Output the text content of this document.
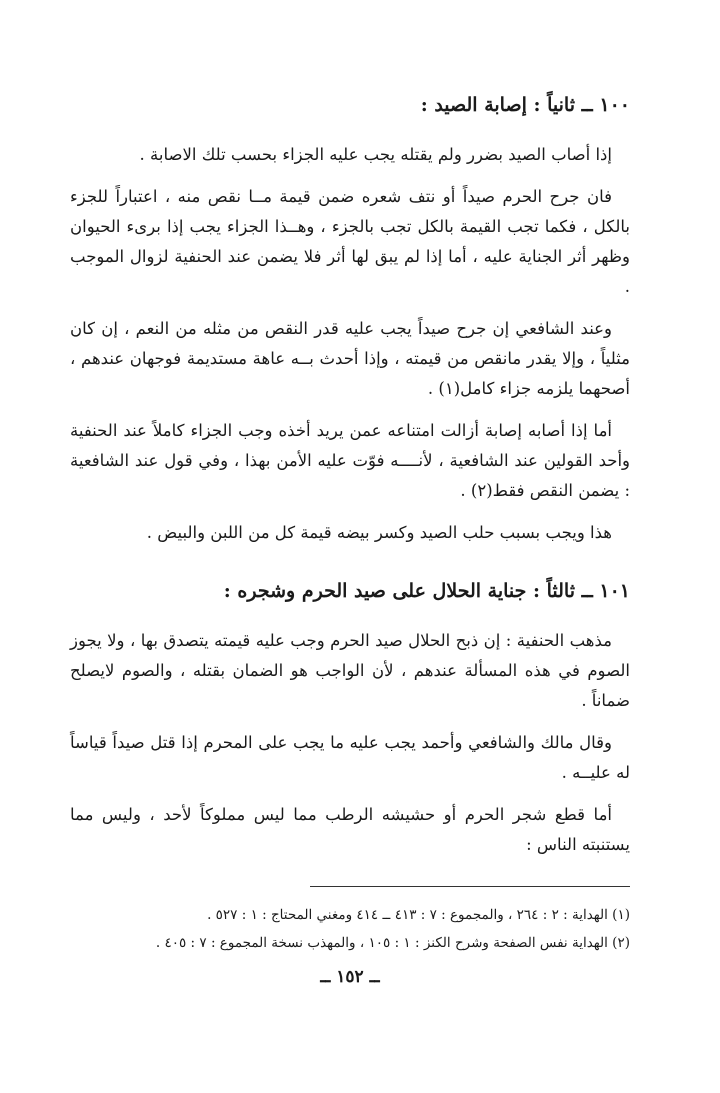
١٠٠ ــ ثانياً : إصابة الصيد :

إذا أصاب الصيد بضرر ولم يقتله يجب عليه الجزاء بحسب تلك الاصابة .

فان جرح الحرم صيداً أو نتف شعره ضمن قيمة مــا نقص منه ، اعتباراً للجزء بالكل ، فكما تجب القيمة بالكل تجب بالجزء ، وهــذا الجزاء يجب إذا برىء الحيوان وظهر أثر الجناية عليه ، أما إذا لم يبق لها أثر فلا يضمن عند الحنفية لزوال الموجب .

وعند الشافعي إن جرح صيداً يجب عليه قدر النقص من مثله من النعم ، إن كان مثلياً ، وإلا يقدر مانقص من قيمته ، وإذا أحدث بــه عاهة مستديمة فوجهان عندهم ، أصحهما يلزمه جزاء كامل(١) .

أما إذا أصابه إصابة أزالت امتناعه عمن يريد أخذه وجب الجزاء كاملاً عند الحنفية وأحد القولين عند الشافعية ، لأنــــه فوّت عليه الأمن بهذا ، وفي قول عند الشافعية : يضمن النقص فقط(٢) .

هذا ويجب بسبب حلب الصيد وكسر بيضه قيمة كل من اللبن والبيض .

١٠١ ــ ثالثاً : جناية الحلال على صيد الحرم وشجره :

مذهب الحنفية : إن ذبح الحلال صيد الحرم وجب عليه قيمته يتصدق بها ، ولا يجوز الصوم في هذه المسألة عندهم ، لأن الواجب هو الضمان بقتله ، والصوم لايصلح ضماناً .

وقال مالك والشافعي وأحمد يجب عليه ما يجب على المحرم إذا قتل صيداً قياساً له عليــه .

أما قطع شجر الحرم أو حشيشه الرطب مما ليس مملوكاً لأحد ، وليس مما يستنبته الناس :

(١) الهداية : ٢ : ٢٦٤ ، والمجموع : ٧ : ٤١٣ ــ ٤١٤ ومغني المحتاج : ١ : ٥٢٧ .

(٢) الهداية نفس الصفحة وشرح الكنز : ١ : ١٠٥ ، والمهذب نسخة المجموع : ٧ : ٤٠٥ .

ــ ١٥٢ ــ
